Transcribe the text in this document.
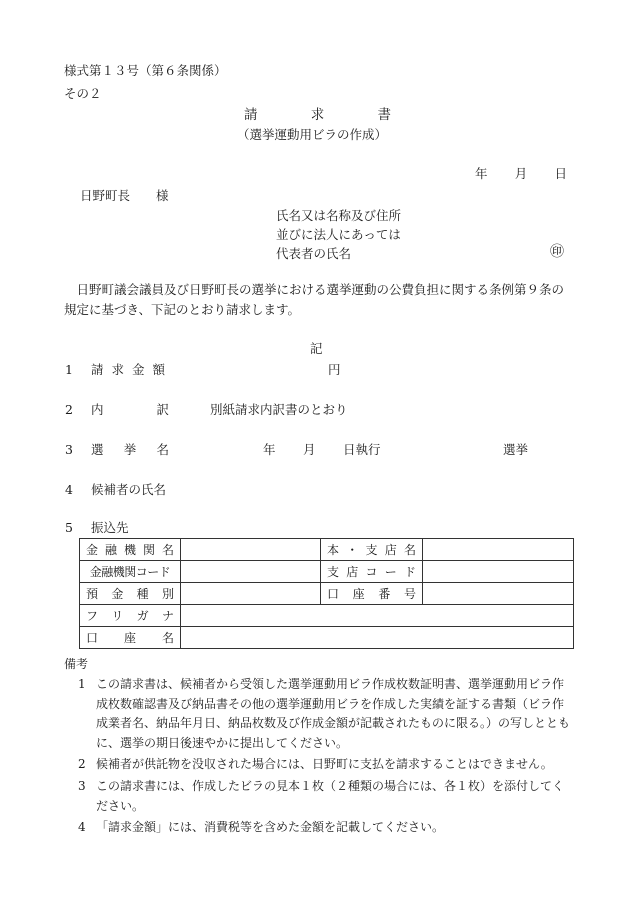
様式第１３号（第６条関係）
その２
請	求	書
（選挙運動用ビラの作成）
年 月 日
日野町長 様
氏名又は名称及び住所
並びに法人にあっては
代表者の氏名	㊞
日野町議会議員及び日野町長の選挙における選挙運動の公費負担に関する条例第９条の規定に基づき、下記のとおり請求します。
記
1 請 求 金 額	円
2 内	訳	別紙請求内訳書のとおり
3 選 挙 名	年 月 日執行	選挙
4 候補者の氏名
5 振込先
金 融 機 関 名		本 ・ 支 店 名	

金融機関コード		支 店 コ ー ド	

預 金 種 別		口 座 番 号	

フ リ ガ ナ			

口 座 名			

備考
1 この請求書は、候補者から受領した選挙運動用ビラ作成枚数証明書、選挙運動用ビラ作成枚数確認書及び納品書その他の選挙運動用ビラを作成した実績を証する書類（ビラ作成業者名、納品年月日、納品枚数及び作成金額が記載されたものに限る。）の写しとともに、選挙の期日後速やかに提出してください。
2 候補者が供託物を没収された場合には、日野町に支払を請求することはできません。
3 この請求書には、作成したビラの見本１枚（２種類の場合には、各１枚）を添付してください。
4 「請求金額」には、消費税等を含めた金額を記載してください。
